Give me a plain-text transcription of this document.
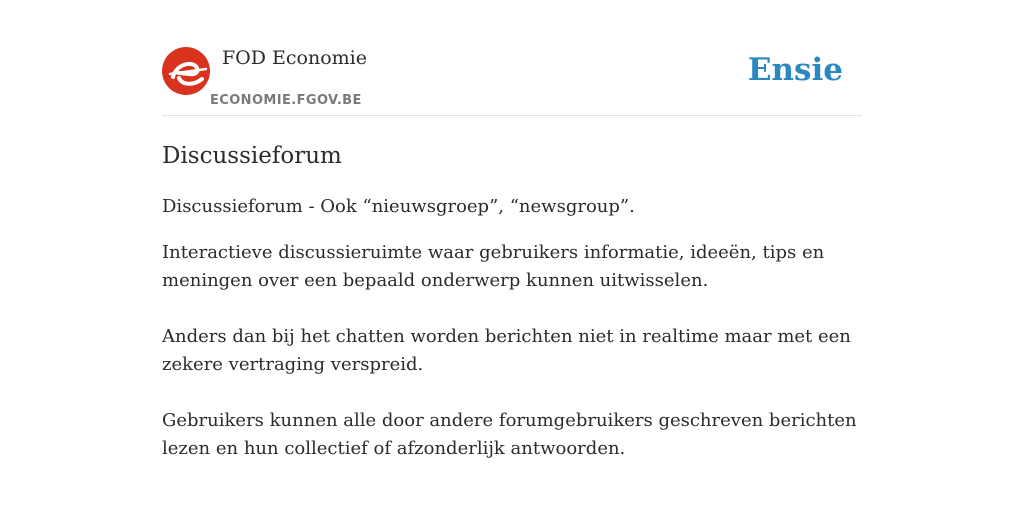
FOD Economie
ECONOMIE.FGOV.BE
Ensie
Discussieforum

Discussieforum - Ook “nieuwsgroep”, “newsgroup”.

Interactieve discussieruimte waar gebruikers informatie, ideeën, tips en meningen over een bepaald onderwerp kunnen uitwisselen.

Anders dan bij het chatten worden berichten niet in realtime maar met een zekere vertraging verspreid.

Gebruikers kunnen alle door andere forumgebruikers geschreven berichten lezen en hun collectief of afzonderlijk antwoorden.
